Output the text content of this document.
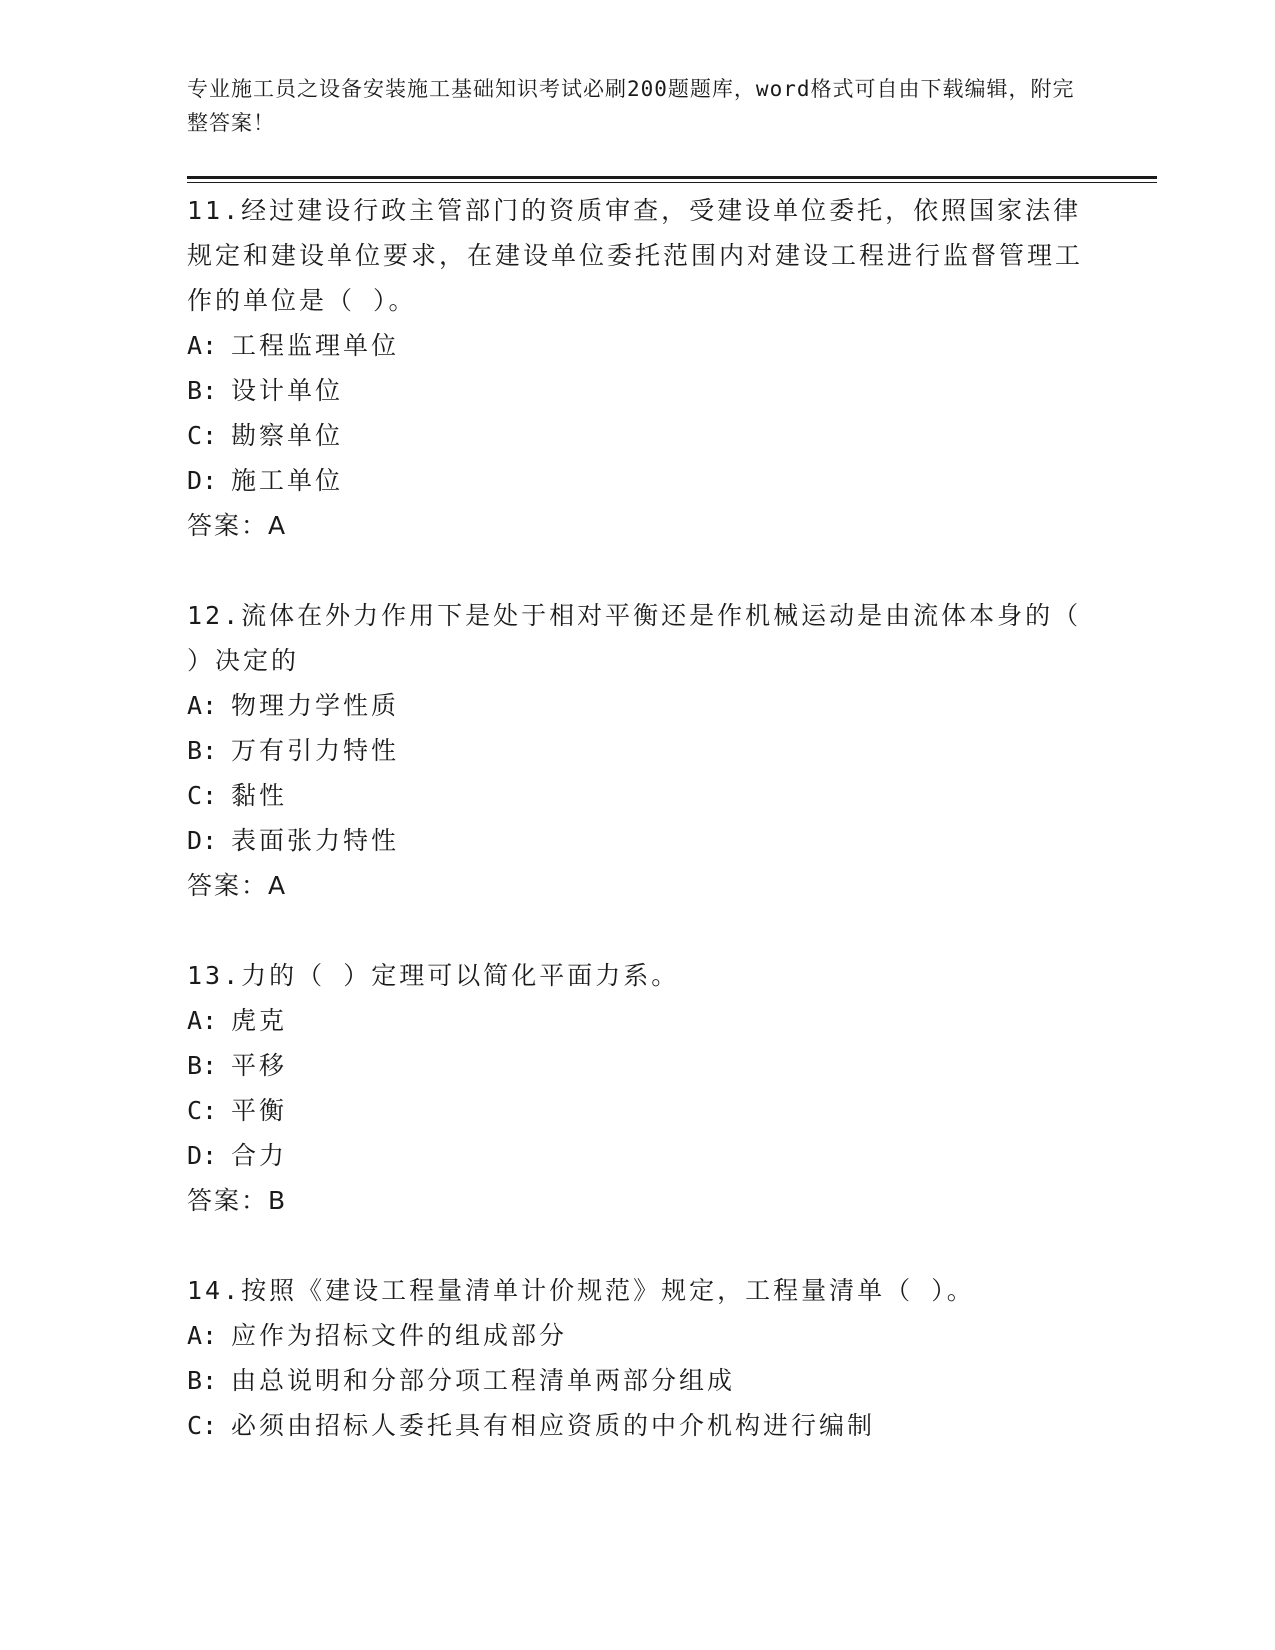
专业施工员之设备安装施工基础知识考试必刷200题题库，word格式可自由下载编辑，附完整答案！

11.经过建设行政主管部门的资质审查，受建设单位委托，依照国家法律规定和建设单位要求，在建设单位委托范围内对建设工程进行监督管理工作的单位是（ ）。

A: 工程监理单位
B: 设计单位
C: 勘察单位
D: 施工单位
答案：A

12.流体在外力作用下是处于相对平衡还是作机械运动是由流体本身的（ ）决定的

A: 物理力学性质
B: 万有引力特性
C: 黏性
D: 表面张力特性
答案：A

13.力的（ ）定理可以简化平面力系。

A: 虎克
B: 平移
C: 平衡
D: 合力
答案：B

14.按照《建设工程量清单计价规范》规定，工程量清单（ ）。

A: 应作为招标文件的组成部分
B: 由总说明和分部分项工程清单两部分组成
C: 必须由招标人委托具有相应资质的中介机构进行编制
